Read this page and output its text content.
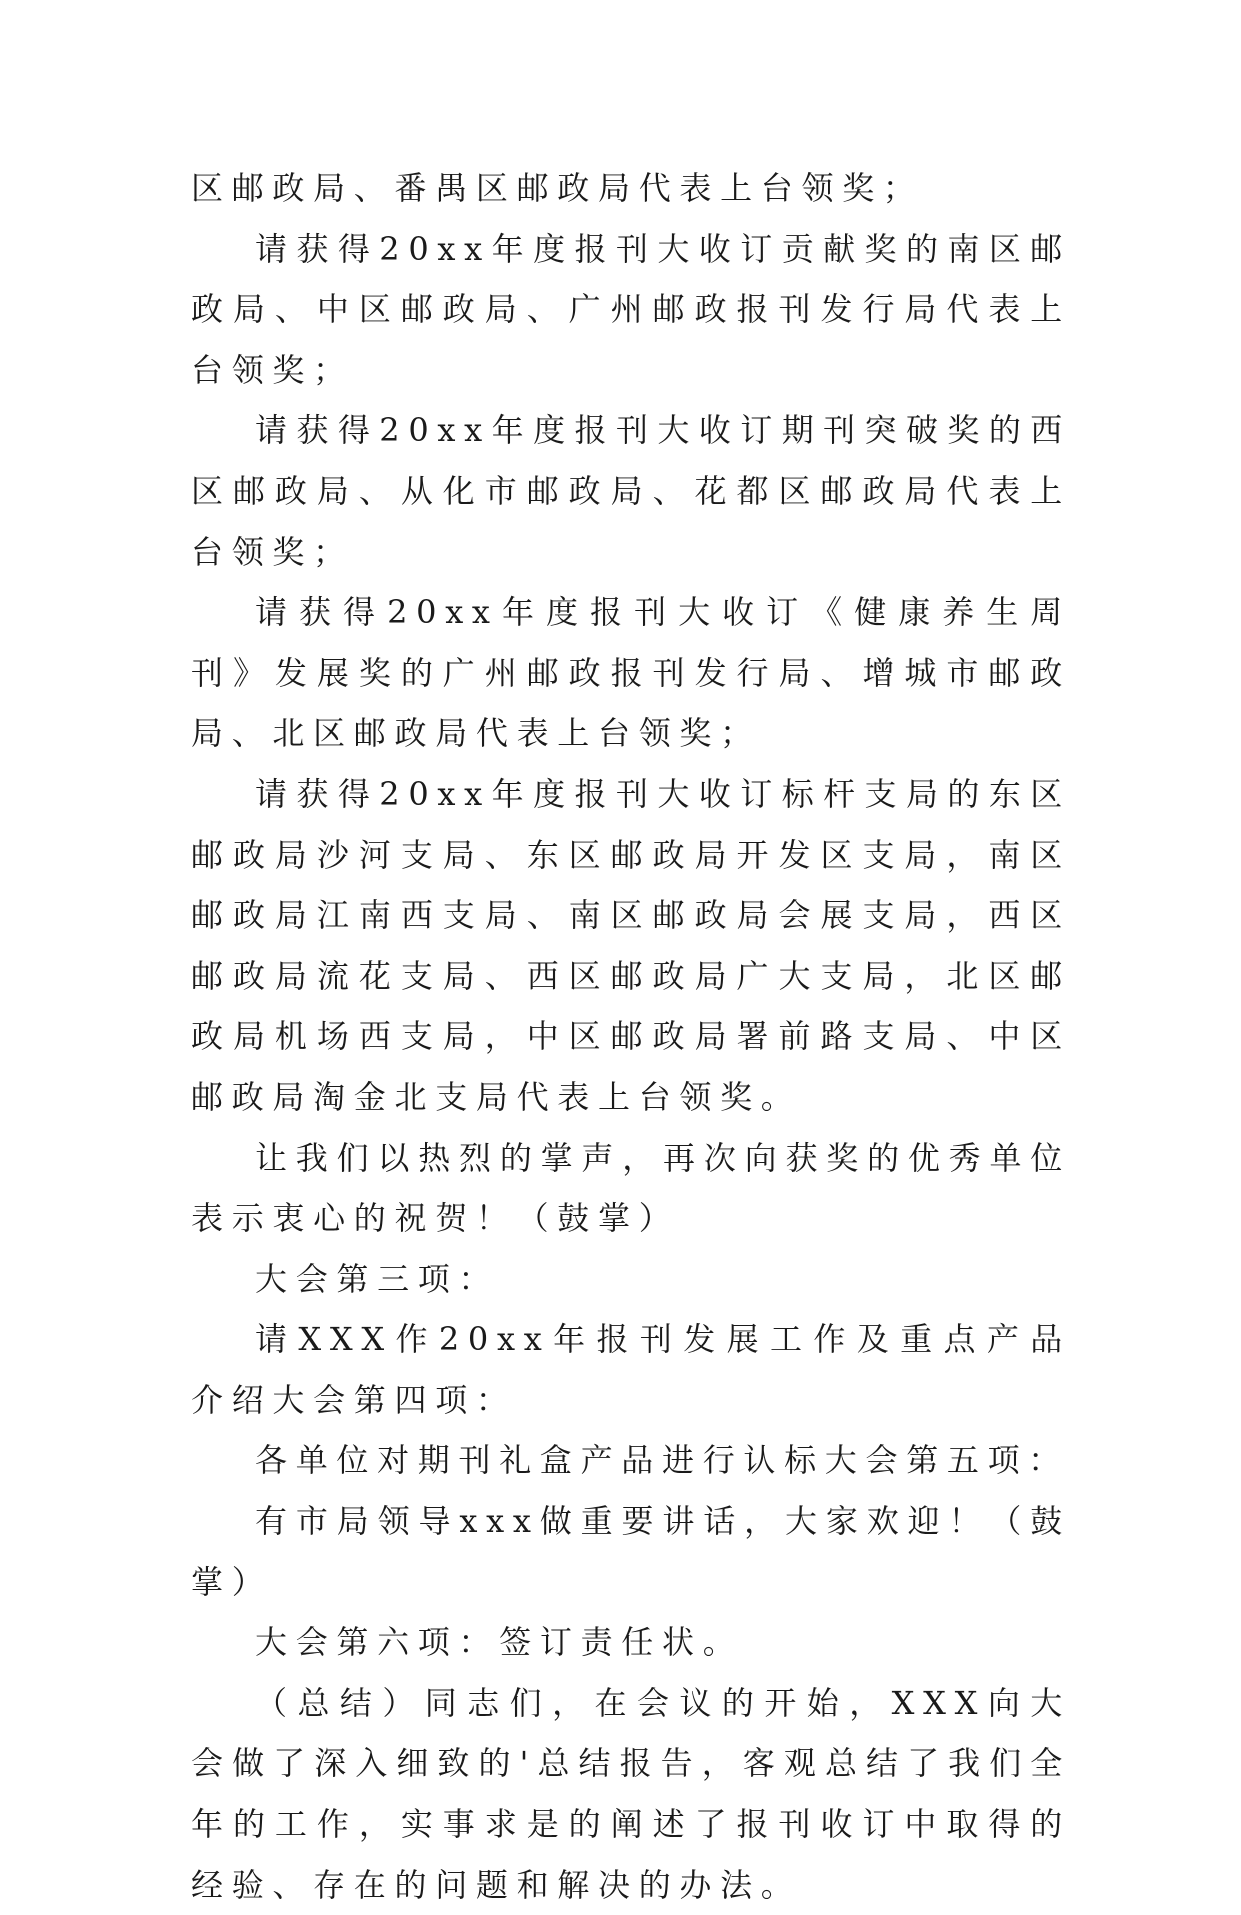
区邮政局、番禺区邮政局代表上台领奖；

请获得20xx年度报刊大收订贡献奖的南区邮政局、中区邮政局、广州邮政报刊发行局代表上台领奖；

请获得20xx年度报刊大收订期刊突破奖的西区邮政局、从化市邮政局、花都区邮政局代表上台领奖；

请获得20xx年度报刊大收订《健康养生周刊》发展奖的广州邮政报刊发行局、增城市邮政局、北区邮政局代表上台领奖；

请获得20xx年度报刊大收订标杆支局的东区邮政局沙河支局、东区邮政局开发区支局，南区邮政局江南西支局、南区邮政局会展支局，西区邮政局流花支局、西区邮政局广大支局，北区邮政局机场西支局，中区邮政局署前路支局、中区邮政局淘金北支局代表上台领奖。

让我们以热烈的掌声，再次向获奖的优秀单位表示衷心的祝贺！（鼓掌）

大会第三项：

请XXX作20xx年报刊发展工作及重点产品介绍大会第四项：

各单位对期刊礼盒产品进行认标大会第五项：

有市局领导xxx做重要讲话，大家欢迎！（鼓掌）

大会第六项：签订责任状。

（总结）同志们，在会议的开始，XXX向大会做了深入细致的'总结报告，客观总结了我们全年的工作，实事求是的阐述了报刊收订中取得的经验、存在的问题和解决的办法。
